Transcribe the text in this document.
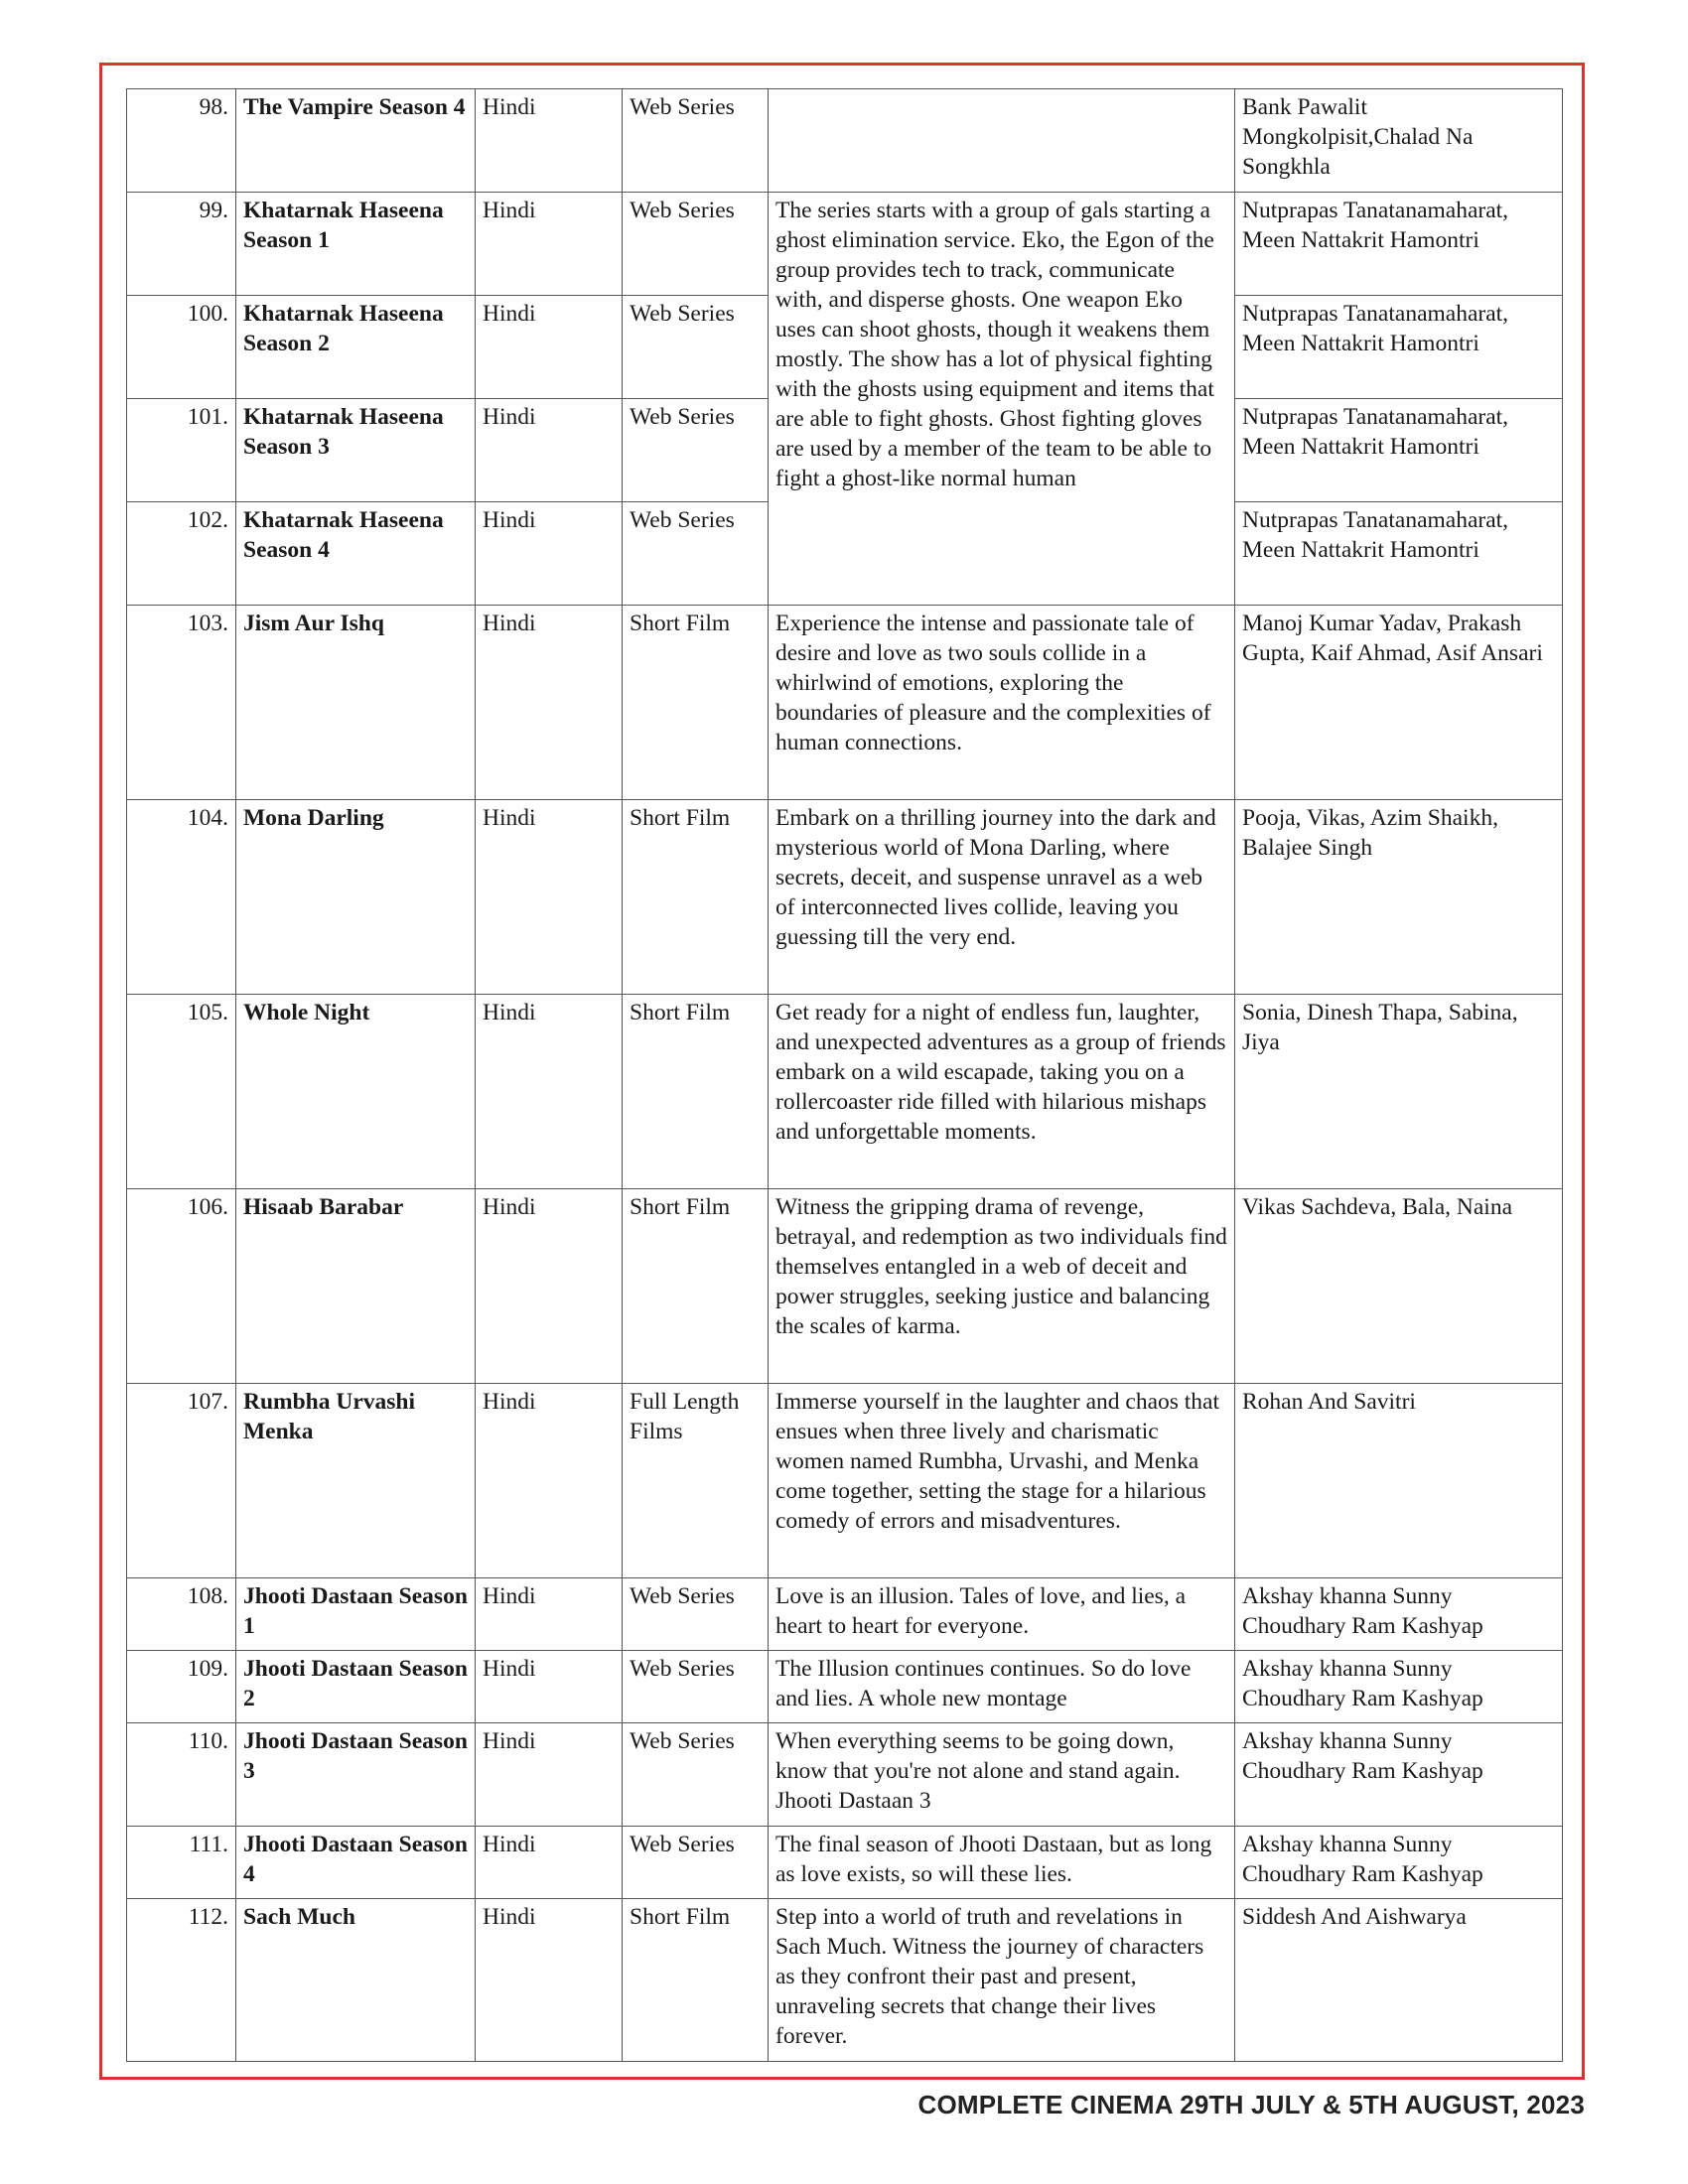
98.	The Vampire Season 4	Hindi	Web Series		Bank Pawalit Mongkolpisit,Chalad Na Songkhla
99.	Khatarnak Haseena Season 1	Hindi	Web Series	The series starts with a group of gals starting a ghost elimination service. Eko, the Egon of the group provides tech to track, communicate with, and disperse ghosts. One weapon Eko uses can shoot ghosts, though it weakens them mostly. The show has a lot of physical fighting with the ghosts using equipment and items that are able to fight ghosts. Ghost fighting gloves are used by a member of the team to be able to fight a ghost-like normal human	Nutprapas Tanatanamaharat, Meen Nattakrit Hamontri
100.	Khatarnak Haseena Season 2	Hindi	Web Series		Nutprapas Tanatanamaharat, Meen Nattakrit Hamontri
101.	Khatarnak Haseena Season 3	Hindi	Web Series		Nutprapas Tanatanamaharat, Meen Nattakrit Hamontri
102.	Khatarnak Haseena Season 4	Hindi	Web Series		Nutprapas Tanatanamaharat, Meen Nattakrit Hamontri
103.	Jism Aur Ishq	Hindi	Short Film	Experience the intense and passionate tale of desire and love as two souls collide in a whirlwind of emotions, exploring the boundaries of pleasure and the complexities of human connections.	Manoj Kumar Yadav, Prakash Gupta, Kaif Ahmad, Asif Ansari
104.	Mona Darling	Hindi	Short Film	Embark on a thrilling journey into the dark and mysterious world of Mona Darling, where secrets, deceit, and suspense unravel as a web of interconnected lives collide, leaving you guessing till the very end.	Pooja, Vikas, Azim Shaikh, Balajee Singh
105.	Whole Night	Hindi	Short Film	Get ready for a night of endless fun, laughter, and unexpected adventures as a group of friends embark on a wild escapade, taking you on a rollercoaster ride filled with hilarious mishaps and unforgettable moments.	Sonia, Dinesh Thapa, Sabina, Jiya
106.	Hisaab Barabar	Hindi	Short Film	Witness the gripping drama of revenge, betrayal, and redemption as two individuals find themselves entangled in a web of deceit and power struggles, seeking justice and balancing the scales of karma.	Vikas Sachdeva, Bala, Naina
107.	Rumbha Urvashi Menka	Hindi	Full Length Films	Immerse yourself in the laughter and chaos that ensues when three lively and charismatic women named Rumbha, Urvashi, and Menka come together, setting the stage for a hilarious comedy of errors and misadventures.	Rohan And Savitri
108.	Jhooti Dastaan Season 1	Hindi	Web Series	Love is an illusion. Tales of love, and lies, a heart to heart for everyone.	Akshay khanna Sunny Choudhary Ram Kashyap
109.	Jhooti Dastaan Season 2	Hindi	Web Series	The Illusion continues continues. So do love and lies. A whole new montage	Akshay khanna Sunny Choudhary Ram Kashyap
110.	Jhooti Dastaan Season 3	Hindi	Web Series	When everything seems to be going down, know that you're not alone and stand again. Jhooti Dastaan 3	Akshay khanna Sunny Choudhary Ram Kashyap
111.	Jhooti Dastaan Season 4	Hindi	Web Series	The final season of Jhooti Dastaan, but as long as love exists, so will these lies.	Akshay khanna Sunny Choudhary Ram Kashyap
112.	Sach Much	Hindi	Short Film	Step into a world of truth and revelations in Sach Much. Witness the journey of characters as they confront their past and present, unraveling secrets that change their lives forever.	Siddesh And Aishwarya
COMPLETE CINEMA 29TH JULY & 5TH AUGUST, 2023
